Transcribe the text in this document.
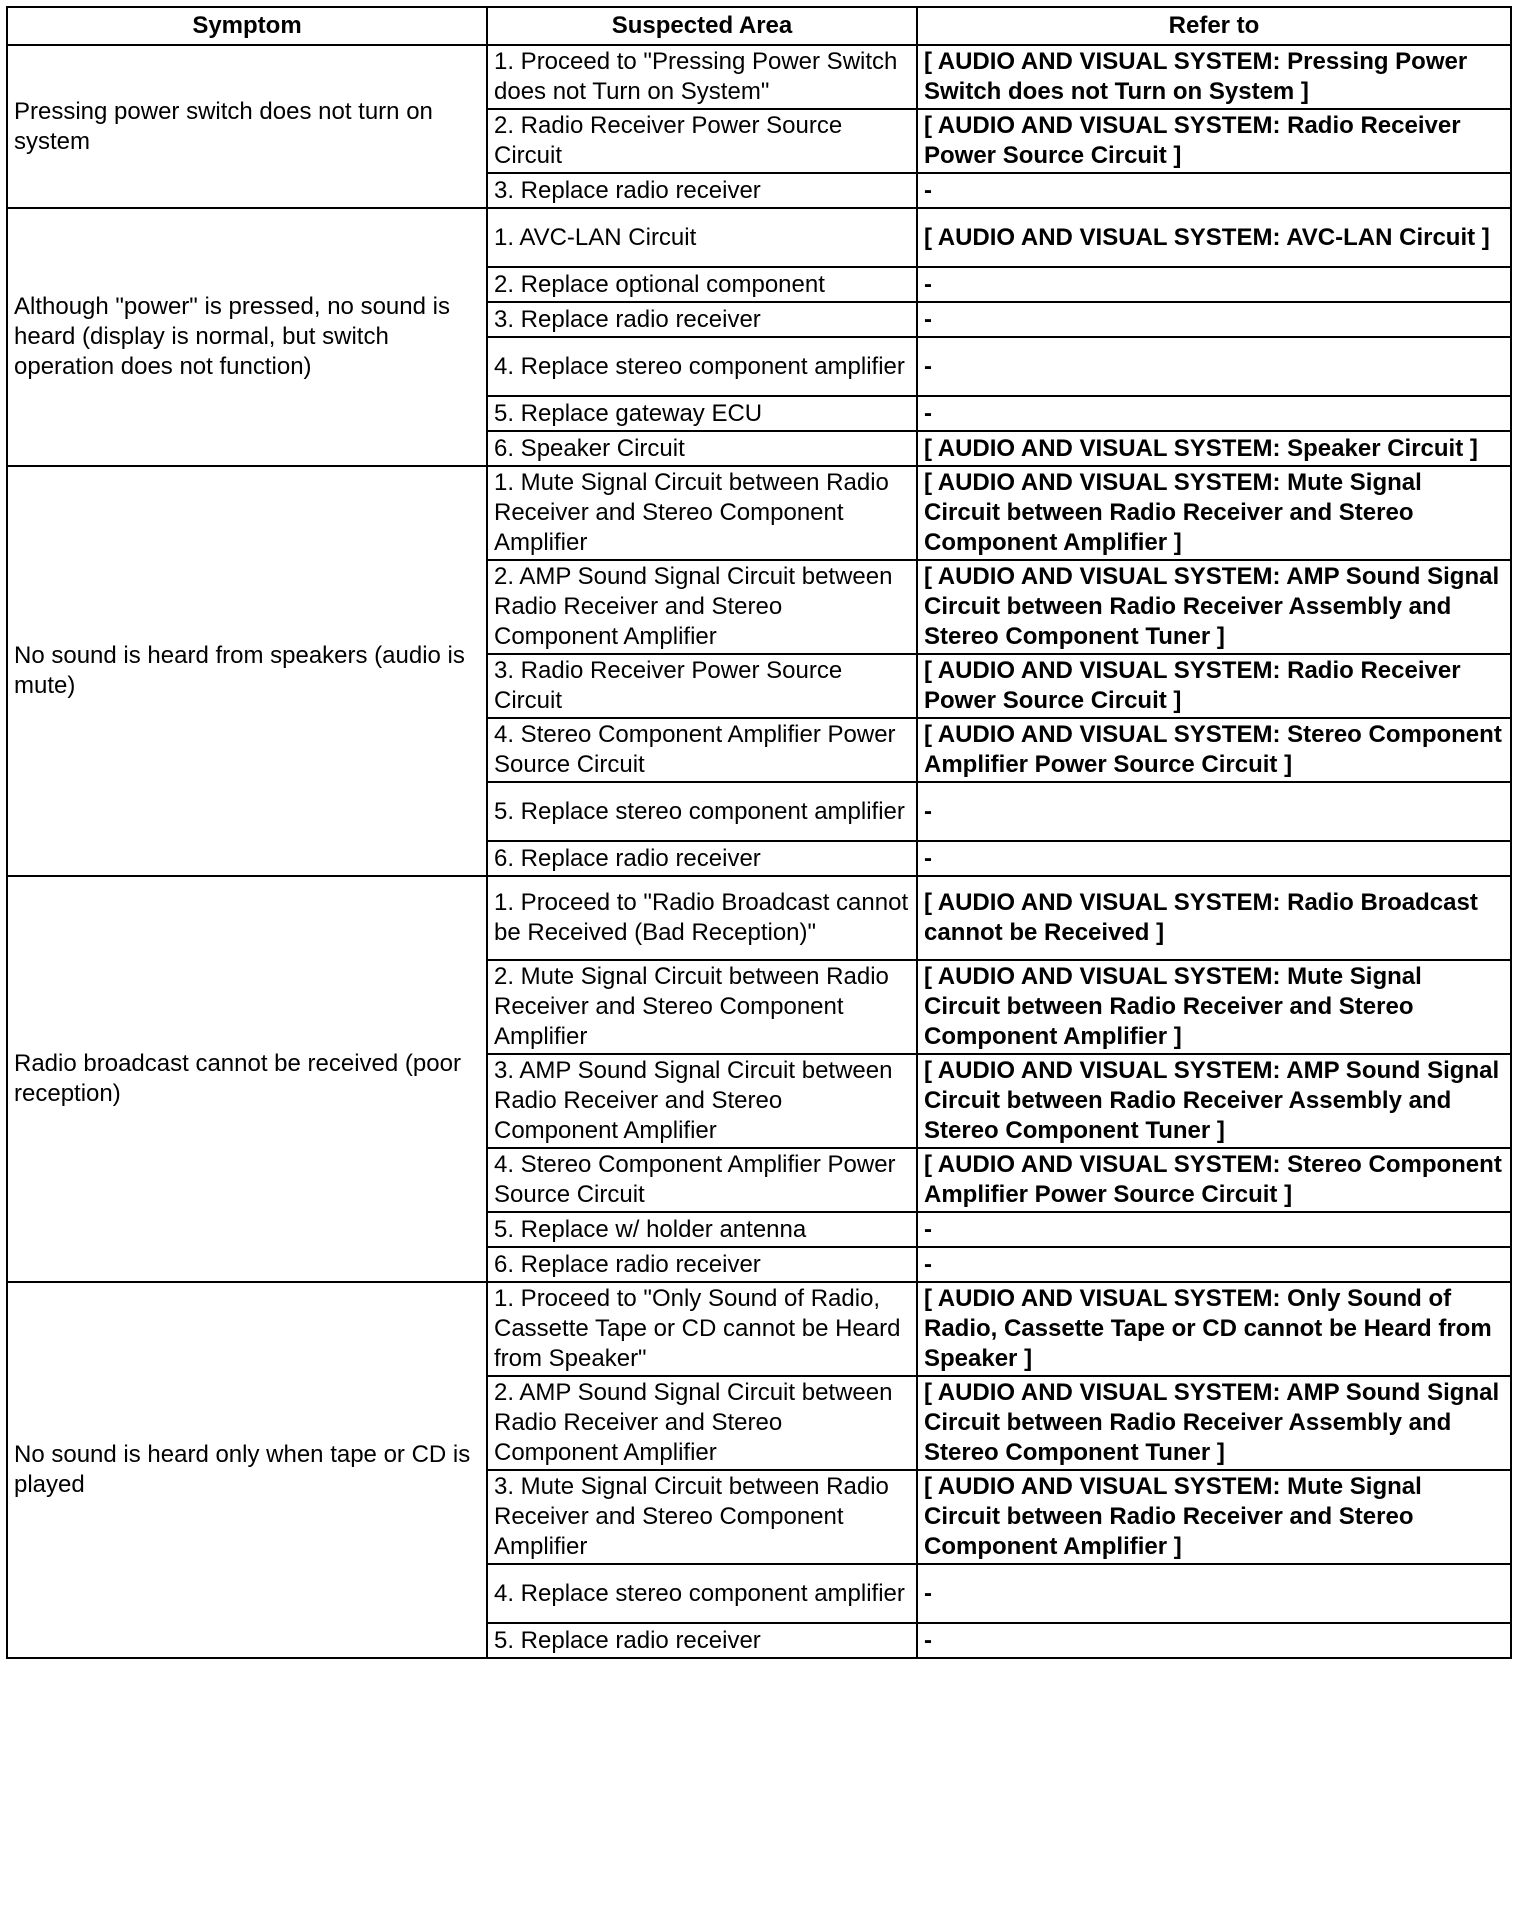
Symptom	Suspected Area	Refer to
Pressing power switch does not turn on system	1. Proceed to "Pressing Power Switch does not Turn on System"	[ AUDIO AND VISUAL SYSTEM: Pressing Power Switch does not Turn on System ]
	2. Radio Receiver Power Source Circuit	[ AUDIO AND VISUAL SYSTEM: Radio Receiver Power Source Circuit ]
	3. Replace radio receiver	-
Although "power" is pressed, no sound is heard (display is normal, but switch operation does not function)	1. AVC-LAN Circuit	[ AUDIO AND VISUAL SYSTEM: AVC-LAN Circuit ]
	2. Replace optional component	-
	3. Replace radio receiver	-
	4. Replace stereo component amplifier	-
	5. Replace gateway ECU	-
	6. Speaker Circuit	[ AUDIO AND VISUAL SYSTEM: Speaker Circuit ]
No sound is heard from speakers (audio is mute)	1. Mute Signal Circuit between Radio Receiver and Stereo Component Amplifier	[ AUDIO AND VISUAL SYSTEM: Mute Signal Circuit between Radio Receiver and Stereo Component Amplifier ]
	2. AMP Sound Signal Circuit between Radio Receiver and Stereo Component Amplifier	[ AUDIO AND VISUAL SYSTEM: AMP Sound Signal Circuit between Radio Receiver Assembly and Stereo Component Tuner ]
	3. Radio Receiver Power Source Circuit	[ AUDIO AND VISUAL SYSTEM: Radio Receiver Power Source Circuit ]
	4. Stereo Component Amplifier Power Source Circuit	[ AUDIO AND VISUAL SYSTEM: Stereo Component Amplifier Power Source Circuit ]
	5. Replace stereo component amplifier	-
	6. Replace radio receiver	-
Radio broadcast cannot be received (poor reception)	1. Proceed to "Radio Broadcast cannot be Received (Bad Reception)"	[ AUDIO AND VISUAL SYSTEM: Radio Broadcast cannot be Received ]
	2. Mute Signal Circuit between Radio Receiver and Stereo Component Amplifier	[ AUDIO AND VISUAL SYSTEM: Mute Signal Circuit between Radio Receiver and Stereo Component Amplifier ]
	3. AMP Sound Signal Circuit between Radio Receiver and Stereo Component Amplifier	[ AUDIO AND VISUAL SYSTEM: AMP Sound Signal Circuit between Radio Receiver Assembly and Stereo Component Tuner ]
	4. Stereo Component Amplifier Power Source Circuit	[ AUDIO AND VISUAL SYSTEM: Stereo Component Amplifier Power Source Circuit ]
	5. Replace w/ holder antenna	-
	6. Replace radio receiver	-
No sound is heard only when tape or CD is played	1. Proceed to "Only Sound of Radio, Cassette Tape or CD cannot be Heard from Speaker"	[ AUDIO AND VISUAL SYSTEM: Only Sound of Radio, Cassette Tape or CD cannot be Heard from Speaker ]
	2. AMP Sound Signal Circuit between Radio Receiver and Stereo Component Amplifier	[ AUDIO AND VISUAL SYSTEM: AMP Sound Signal Circuit between Radio Receiver Assembly and Stereo Component Tuner ]
	3. Mute Signal Circuit between Radio Receiver and Stereo Component Amplifier	[ AUDIO AND VISUAL SYSTEM: Mute Signal Circuit between Radio Receiver and Stereo Component Amplifier ]
	4. Replace stereo component amplifier	-
	5. Replace radio receiver	-
